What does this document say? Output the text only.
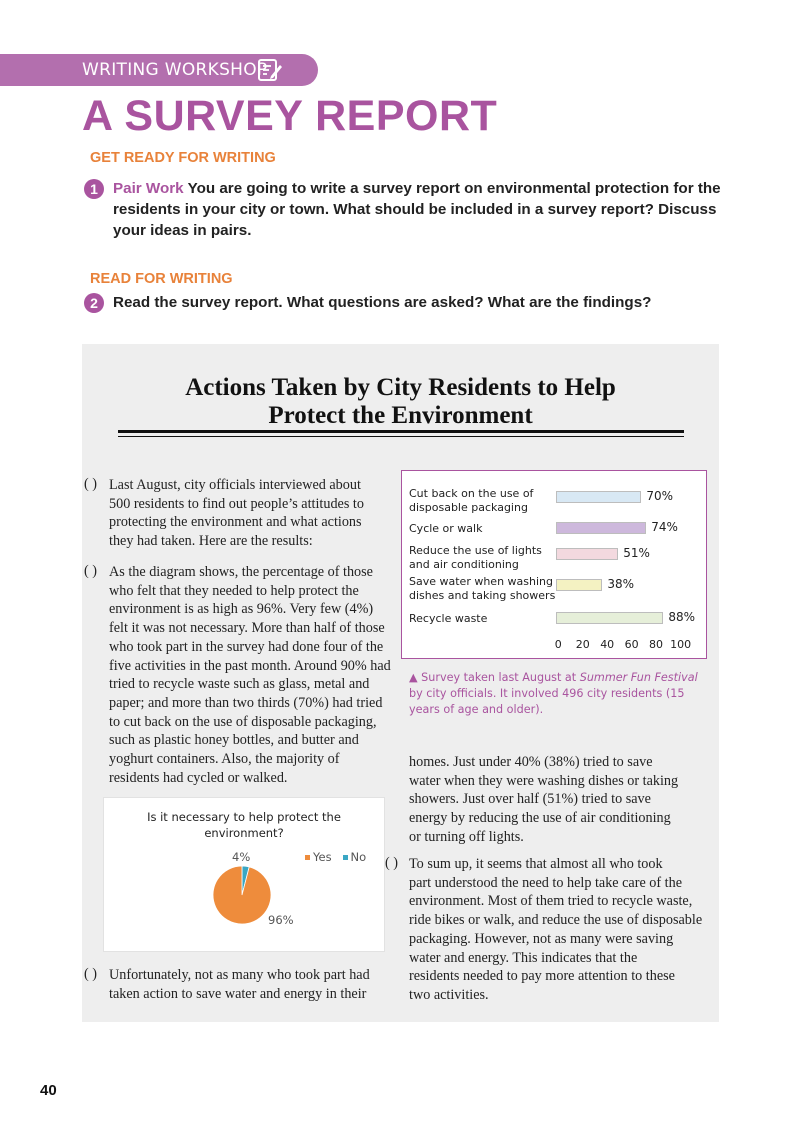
WRITING WORKSHOP
A SURVEY REPORT
GET READY FOR WRITING
1 Pair Work You are going to write a survey report on environmental protection for the
residents in your city or town. What should be included in a survey report? Discuss
your ideas in pairs.
READ FOR WRITING
2 Read the survey report. What questions are asked? What are the findings?
Actions Taken by City Residents to Help
Protect the Environment
( ) Last August, city officials interviewed about
500 residents to find out people’s attitudes to
protecting the environment and what actions
they had taken. Here are the results:
( ) As the diagram shows, the percentage of those
who felt that they needed to help protect the
environment is as high as 96%. Very few (4%)
felt it was not necessary. More than half of those
who took part in the survey had done four of the
five activities in the past month. Around 90% had
tried to recycle waste such as glass, metal and
paper; and more than two thirds (70%) had tried
to cut back on the use of disposable packaging,
such as plastic honey bottles, and butter and
yoghurt containers. Also, the majority of
residents had cycled or walked.
( ) Unfortunately, not as many who took part had
taken action to save water and energy in their
homes. Just under 40% (38%) tried to save
water when they were washing dishes or taking
showers. Just over half (51%) tried to save
energy by reducing the use of air conditioning
or turning off lights.
( ) To sum up, it seems that almost all who took
part understood the need to help take care of the
environment. Most of them tried to recycle waste,
ride bikes or walk, and reduce the use of disposable
packaging. However, not as many were saving
water and energy. This indicates that the
residents needed to pay more attention to these
two activities.
Cut back on the use of
disposable packaging
70%
Cycle or walk	74%
Reduce the use of lights
and air conditioning
51%
Save water when washing
dishes and taking showers
38%
Recycle waste	88%
0 20 40 60 80 100
▲ Survey taken last August at Summer Fun Festival
by city officials. It involved 496 city residents (15
years of age and older).
Is it necessary to help protect the
environment?
Yes No
4%
96%
40
